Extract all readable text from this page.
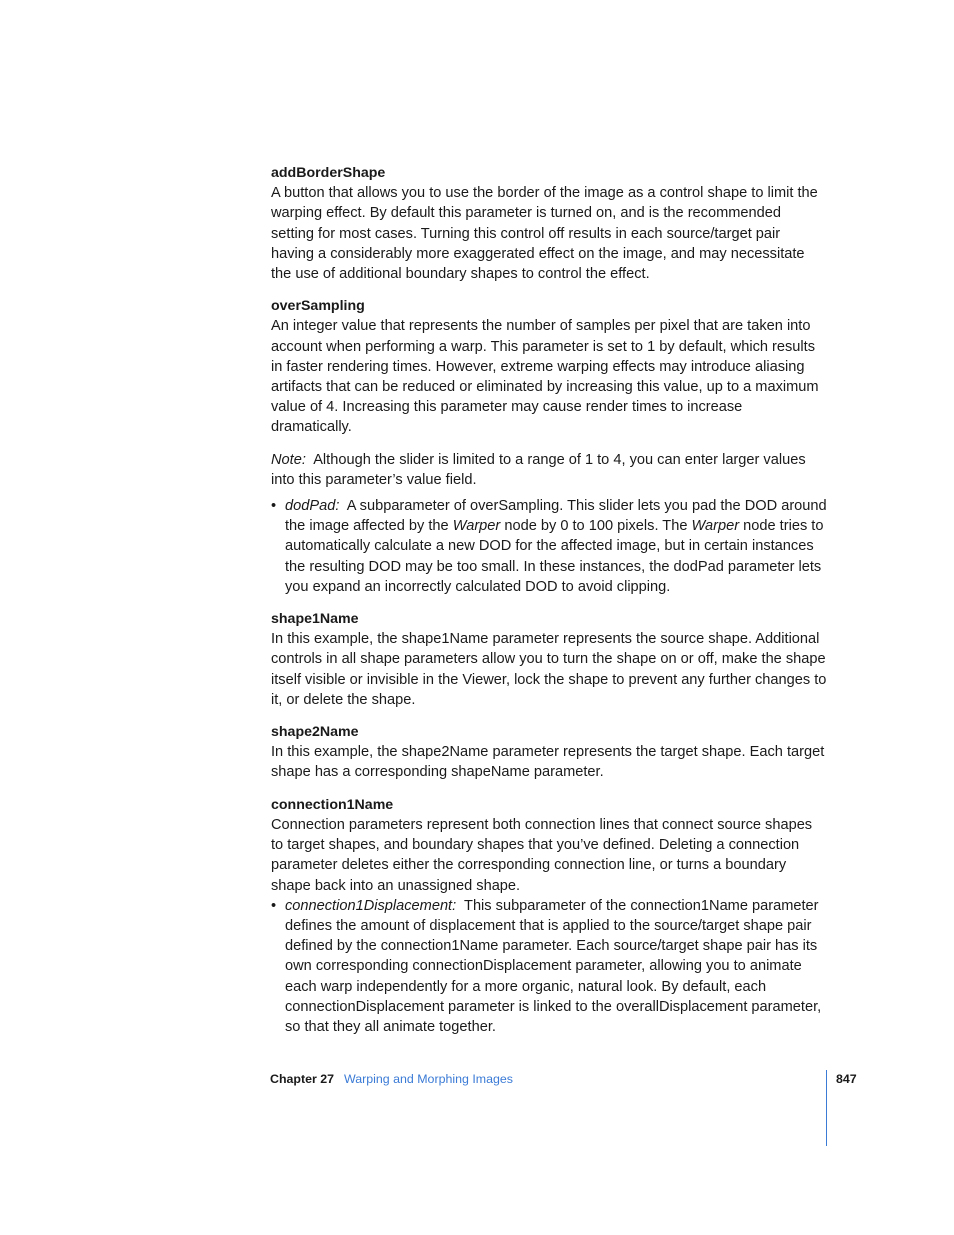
addBorderShape

A button that allows you to use the border of the image as a control shape to limit the warping effect. By default this parameter is turned on, and is the recommended setting for most cases. Turning this control off results in each source/target pair having a considerably more exaggerated effect on the image, and may necessitate the use of additional boundary shapes to control the effect.

overSampling

An integer value that represents the number of samples per pixel that are taken into account when performing a warp. This parameter is set to 1 by default, which results in faster rendering times. However, extreme warping effects may introduce aliasing artifacts that can be reduced or eliminated by increasing this value, up to a maximum value of 4. Increasing this parameter may cause render times to increase dramatically.

Note: Although the slider is limited to a range of 1 to 4, you can enter larger values into this parameter’s value field.

• dodPad: A subparameter of overSampling. This slider lets you pad the DOD around the image affected by the Warper node by 0 to 100 pixels. The Warper node tries to automatically calculate a new DOD for the affected image, but in certain instances the resulting DOD may be too small. In these instances, the dodPad parameter lets you expand an incorrectly calculated DOD to avoid clipping.

shape1Name

In this example, the shape1Name parameter represents the source shape. Additional controls in all shape parameters allow you to turn the shape on or off, make the shape itself visible or invisible in the Viewer, lock the shape to prevent any further changes to it, or delete the shape.

shape2Name

In this example, the shape2Name parameter represents the target shape. Each target shape has a corresponding shapeName parameter.

connection1Name

Connection parameters represent both connection lines that connect source shapes to target shapes, and boundary shapes that you’ve defined. Deleting a connection parameter deletes either the corresponding connection line, or turns a boundary shape back into an unassigned shape.

• connection1Displacement: This subparameter of the connection1Name parameter defines the amount of displacement that is applied to the source/target shape pair defined by the connection1Name parameter. Each source/target shape pair has its own corresponding connectionDisplacement parameter, allowing you to animate each warp independently for a more organic, natural look. By default, each connectionDisplacement parameter is linked to the overallDisplacement parameter, so that they all animate together.

Chapter 27 Warping and Morphing Images	847
